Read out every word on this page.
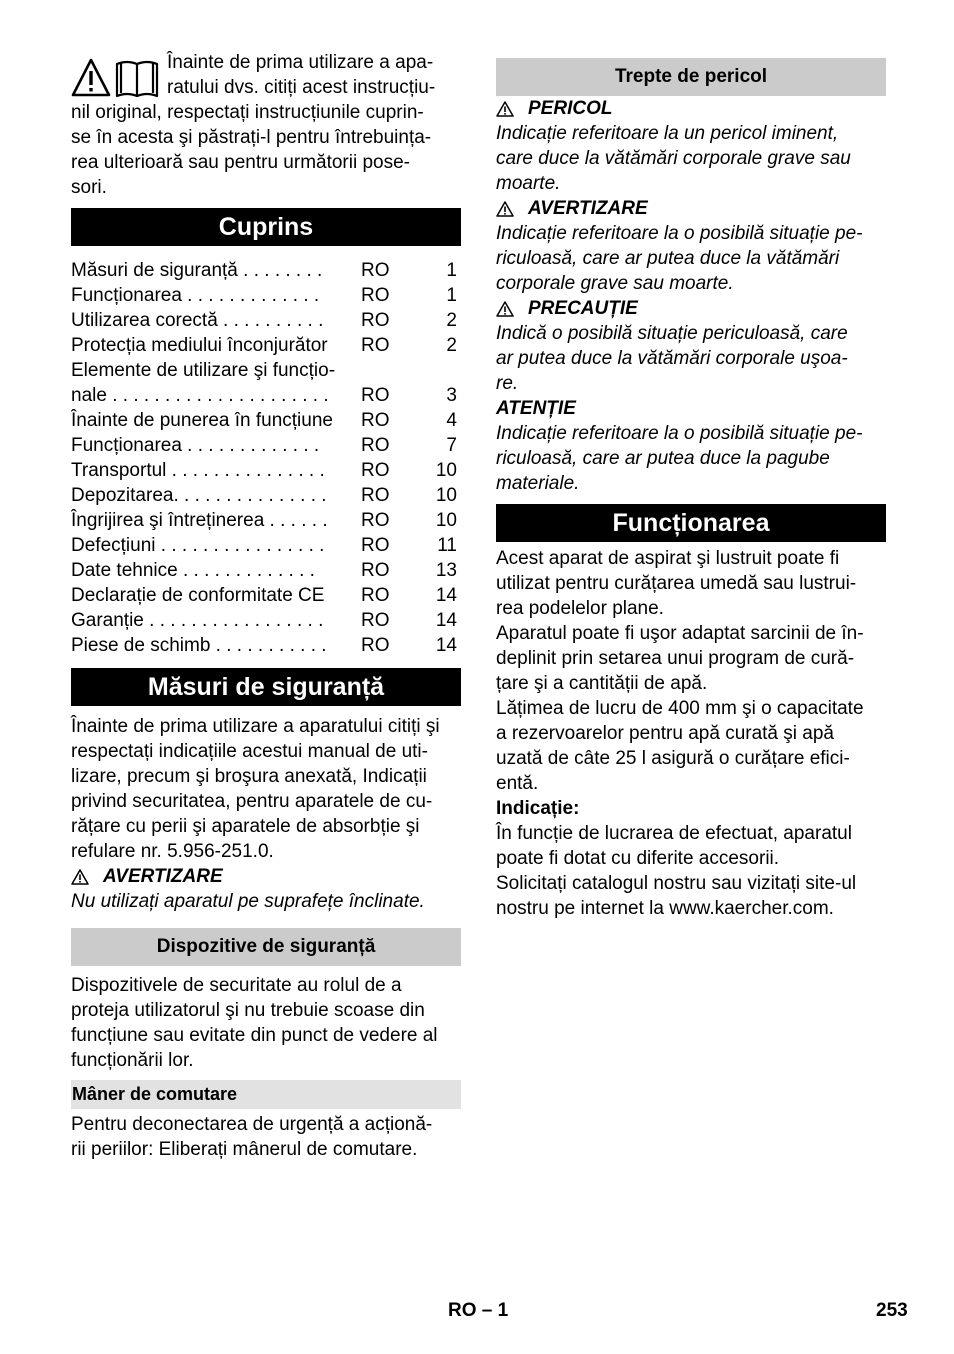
Înainte de prima utilizare a apa-

ratului dvs. citiți acest instrucțiu-

nil original, respectați instrucțiunile cuprin-

se în acesta şi păstrați-l pentru întrebuința-

rea ulterioară sau pentru următorii pose-

sori.

Cuprins
Măsuri de siguranță . . . . . . . .	RO	1
Funcționarea . . . . . . . . . . . . .	RO	1
Utilizarea corectă . . . . . . . . . .	RO	2
Protecția mediului înconjurător	RO	2
Elemente de utilizare şi funcțio-
nale . . . . . . . . . . . . . . . . . . . . .	RO	3
Înainte de punerea în funcțiune	RO	4
Funcționarea . . . . . . . . . . . . .	RO	7
Transportul . . . . . . . . . . . . . . .	RO	10
Depozitarea. . . . . . . . . . . . . . .	RO	10
Îngrijirea şi întreținerea . . . . . .	RO	10
Defecțiuni . . . . . . . . . . . . . . . .	RO	11
Date tehnice . . . . . . . . . . . . .	RO	13
Declarație de conformitate CE	RO	14
Garanție . . . . . . . . . . . . . . . . .	RO	14
Piese de schimb . . . . . . . . . . .	RO	14
Măsuri de siguranță

Înainte de prima utilizare a aparatului citiți şi

respectați indicațiile acestui manual de uti-

lizare, precum şi broşura anexată, Indicații

privind securitatea, pentru aparatele de cu-

rățare cu perii şi aparatele de absorbție şi

refulare nr. 5.956-251.0.

AVERTIZARE

Nu utilizați aparatul pe suprafețe înclinate.

Dispozitive de siguranță

Dispozitivele de securitate au rolul de a

proteja utilizatorul şi nu trebuie scoase din

funcțiune sau evitate din punct de vedere al

funcționării lor.

Mâner de comutare

Pentru deconectarea de urgență a acționă-

rii periilor: Eliberați mânerul de comutare.

Trepte de pericol
PERICOL

Indicație referitoare la un pericol iminent,

care duce la vătămări corporale grave sau

moarte.

AVERTIZARE

Indicație referitoare la o posibilă situație pe-

riculoasă, care ar putea duce la vătămări

corporale grave sau moarte.

PRECAUȚIE

Indică o posibilă situație periculoasă, care

ar putea duce la vătămări corporale uşoa-

re.

ATENȚIE

Indicație referitoare la o posibilă situație pe-

riculoasă, care ar putea duce la pagube

materiale.

Funcționarea

Acest aparat de aspirat şi lustruit poate fi

utilizat pentru curățarea umedă sau lustrui-

rea podelelor plane.

Aparatul poate fi uşor adaptat sarcinii de în-

deplinit prin setarea unui program de cură-

țare şi a cantității de apă.

Lățimea de lucru de 400 mm şi o capacitate

a rezervoarelor pentru apă curată şi apă

uzată de câte 25 l asigură o curățare efici-

entă.

Indicație:

În funcție de lucrarea de efectuat, aparatul

poate fi dotat cu diferite accesorii.

Solicitați catalogul nostru sau vizitați site-ul

nostru pe internet la www.kaercher.com.

RO – 1	253
